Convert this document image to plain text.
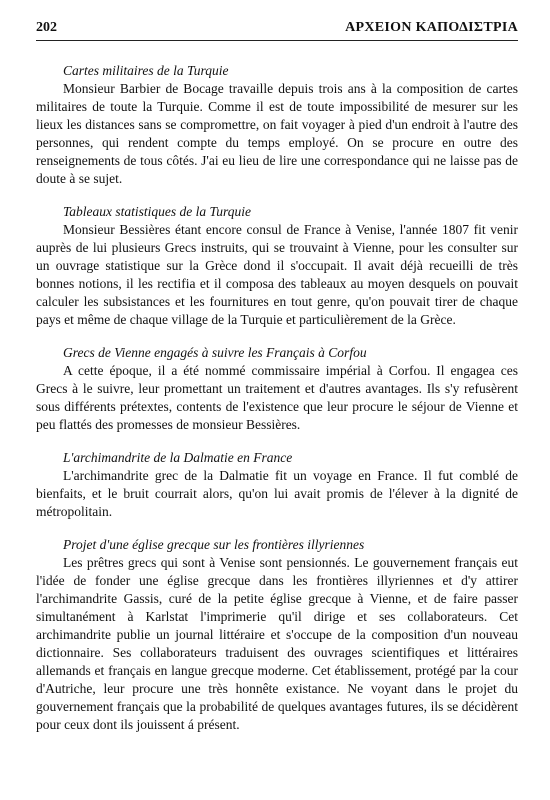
202	ΑΡΧΕΙΟΝ ΚΑΠΟΔΙΣΤΡΙΑ

Cartes militaires de la Turquie

Monsieur Barbier de Bocage travaille depuis trois ans à la composition de cartes militaires de toute la Turquie. Comme il est de toute impossibilité de mesurer sur les lieux les distances sans se compromettre, on fait voyager à pied d'un endroit à l'autre des personnes, qui rendent compte du temps employé. On se procure en outre des renseignements de tous côtés. J'ai eu lieu de lire une correspondance qui ne laisse pas de doute à se sujet.

Tableaux statistiques de la Turquie

Monsieur Bessières étant encore consul de France à Venise, l'année 1807 fit venir auprès de lui plusieurs Grecs instruits, qui se trouvaint à Vienne, pour les consulter sur un ouvrage statistique sur la Grèce dond il s'occupait. Il avait déjà recueilli de très bonnes notions, il les rectifia et il composa des tableaux au moyen desquels on pouvait calculer les subsistances et les fournitures en tout genre, qu'on pouvait tirer de chaque pays et même de chaque village de la Turquie et particulièrement de la Grèce.

Grecs de Vienne engagés à suivre les Français à Corfou

A cette époque, il a été nommé commissaire impérial à Corfou. Il engagea ces Grecs à le suivre, leur promettant un traitement et d'autres avantages. Ils s'y refusèrent sous différents prétextes, contents de l'existence que leur procure le séjour de Vienne et peu flattés des promesses de monsieur Bessières.

L'archimandrite de la Dalmatie en France

L'archimandrite grec de la Dalmatie fit un voyage en France. Il fut comblé de bienfaits, et le bruit courrait alors, qu'on lui avait promis de l'élever à la dignité de métropolitain.

Projet d'une église grecque sur les frontières illyriennes

Les prêtres grecs qui sont à Venise sont pensionnés. Le gouvernement français eut l'idée de fonder une église grecque dans les frontières illyriennes et d'y attirer l'archimandrite Gassis, curé de la petite église grecque à Vienne, et de faire passer simultanément à Karlstat l'imprimerie qu'il dirige et ses collaborateurs. Cet archimandrite publie un journal littéraire et s'occupe de la composition d'un nouveau dictionnaire. Ses collaborateurs traduisent des ouvrages scientifiques et littéraires allemands et français en langue grecque moderne. Cet établissement, protégé par la cour d'Autriche, leur procure une très honnête existance. Ne voyant dans le projet du gouvernement français que la probabilité de quelques avantages futures, ils se décidèrent pour ceux dont ils jouissent á présent.
